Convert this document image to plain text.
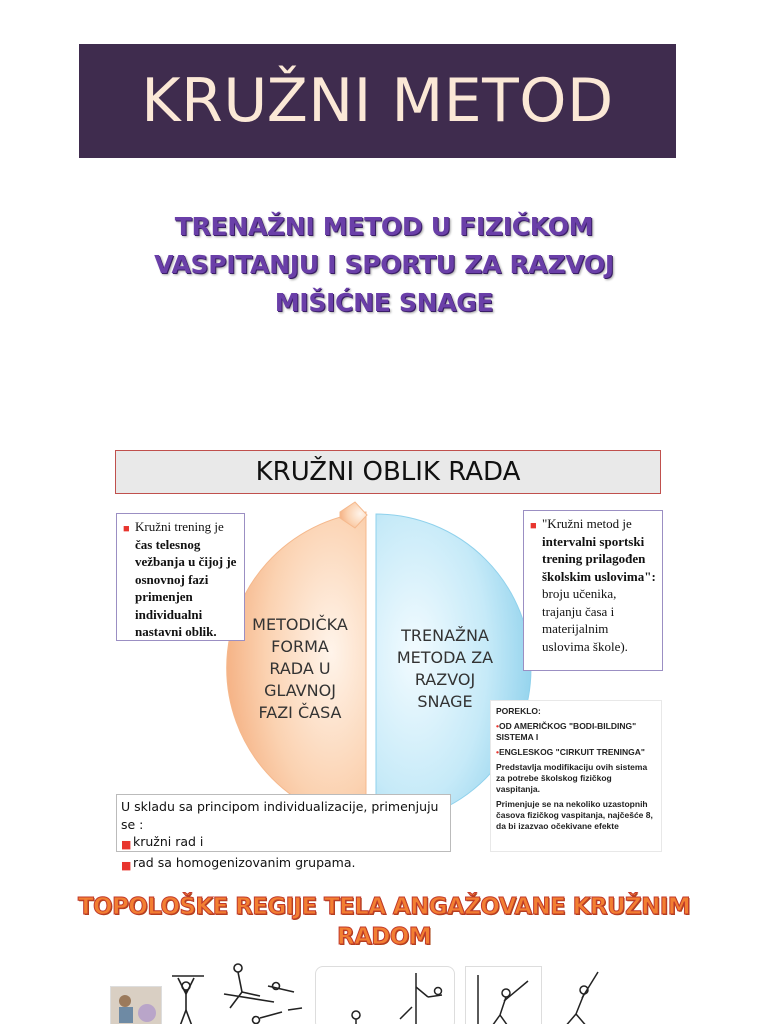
KRUŽNI METOD
TRENAŽNI METOD U FIZIČKOM
VASPITANJU I SPORTU ZA RAZVOJ
MIŠIĆNE SNAGE
KRUŽNI OBLIK RADA
METODIČKA
FORMA
RADA U
GLAVNOJ
FAZI ČASA
TRENAŽNA
METODA ZA
RAZVOJ
SNAGE
■ Kružni trening je čas telesnog vežbanja u čijoj je osnovnoj fazi primenjen individualni nastavni oblik.
■ "Kružni metod je intervalni sportski trening prilagođen školskim uslovima": broju učenika, trajanju časa i materijalnim uslovima škole).

POREKLO:

•OD AMERIČKOG "BODI-BILDING" SISTEMA I

•ENGLESKOG "CIRKUIT TRENINGA"

Predstavlja modifikaciju ovih sistema za potrebe školskog fizičkog vaspitanja.

Primenjuje se na nekoliko uzastopnih časova fizičkog vaspitanja, najčešće 8, da bi izazvao očekivane efekte

U skladu sa principom individualizacije, primenjuju se :
■ kružni rad i
■ rad sa homogenizovanim grupama.
TOPOLOŠKE REGIJE TELA ANGAŽOVANE KRUŽNIM
RADOM
